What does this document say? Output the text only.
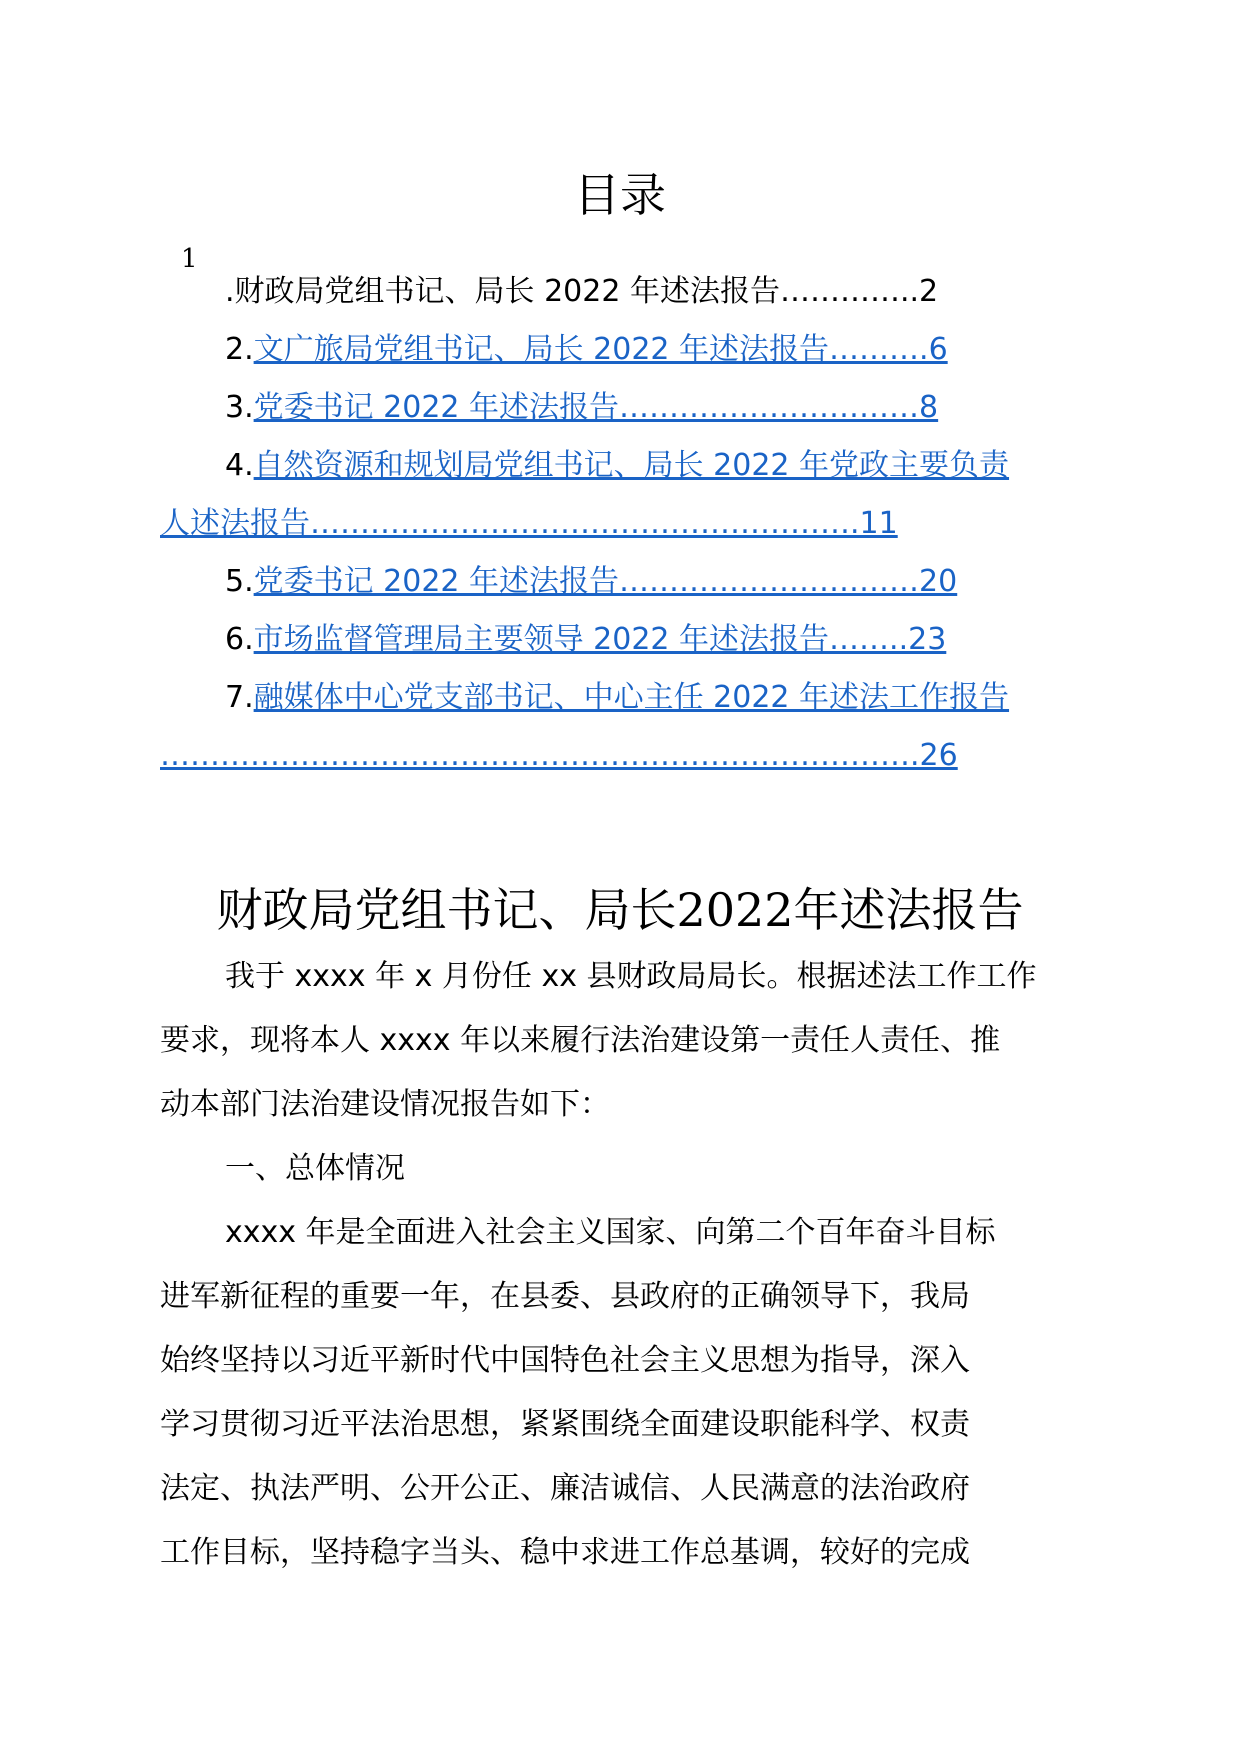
目录
1
.财政局党组书记、局长 2022 年述法报告…………..2
2.文广旅局党组书记、局长 2022 年述法报告……….6
3.党委书记 2022 年述法报告…………………………8
4.自然资源和规划局党组书记、局长 2022 年党政主要负责
人述法报告……………………………………………….11
5.党委书记 2022 年述法报告…………………………20
6.市场监督管理局主要领导 2022 年述法报告……..23
7.融媒体中心党支部书记、中心主任 2022 年述法工作报告
………………………………………………………………….26
财政局党组书记、局长2022年述法报告
我于 xxxx 年 x 月份任 xx 县财政局局长。根据述法工作工作
要求，现将本人 xxxx 年以来履行法治建设第一责任人责任、推
动本部门法治建设情况报告如下：
一、总体情况
xxxx 年是全面进入社会主义国家、向第二个百年奋斗目标
进军新征程的重要一年，在县委、县政府的正确领导下，我局
始终坚持以习近平新时代中国特色社会主义思想为指导，深入
学习贯彻习近平法治思想，紧紧围绕全面建设职能科学、权责
法定、执法严明、公开公正、廉洁诚信、人民满意的法治政府
工作目标，坚持稳字当头、稳中求进工作总基调，较好的完成
